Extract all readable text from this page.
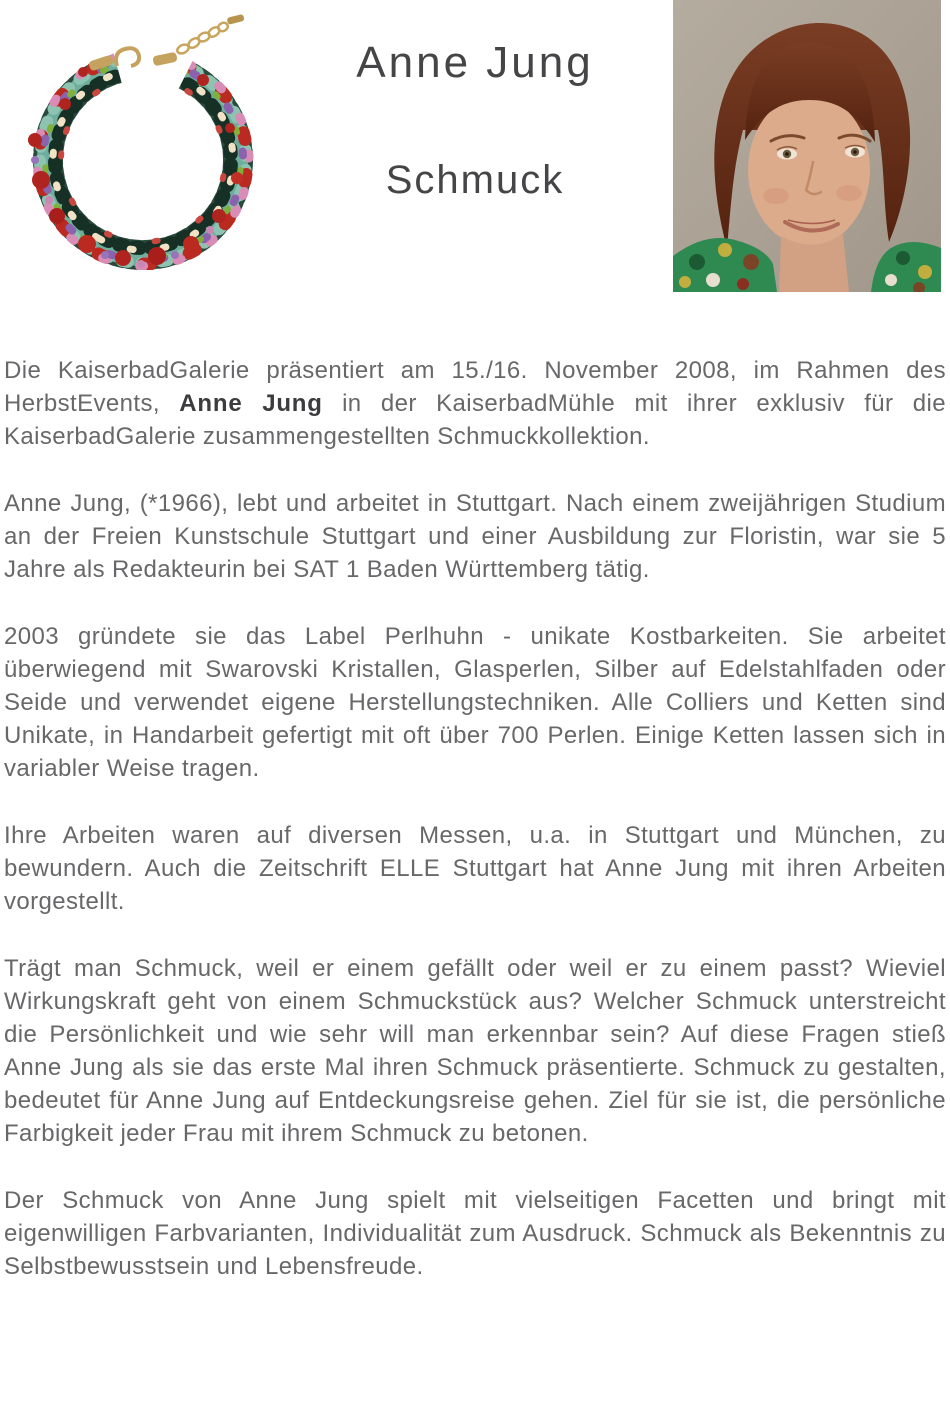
Anne Jung
Schmuck

Die KaiserbadGalerie präsentiert am 15./16. November 2008, im Rahmen des HerbstEvents, Anne Jung in der KaiserbadMühle mit ihrer exklusiv für die KaiserbadGalerie zusammengestellten Schmuckkollektion.

Anne Jung, (*1966), lebt und arbeitet in Stuttgart. Nach einem zweijährigen Studium an der Freien Kunstschule Stuttgart und einer Ausbildung zur Floristin, war sie 5 Jahre als Redakteurin bei SAT 1 Baden Württemberg tätig.

2003 gründete sie das Label Perlhuhn - unikate Kostbarkeiten. Sie arbeitet überwiegend mit Swarovski Kristallen, Glasperlen, Silber auf Edelstahlfaden oder Seide und verwendet eigene Herstellungstechniken. Alle Colliers und Ketten sind Unikate, in Handarbeit gefertigt mit oft über 700 Perlen. Einige Ketten lassen sich in variabler Weise tragen.

Ihre Arbeiten waren auf diversen Messen, u.a. in Stuttgart und München, zu bewundern. Auch die Zeitschrift ELLE Stuttgart hat Anne Jung mit ihren Arbeiten vorgestellt.

Trägt man Schmuck, weil er einem gefällt oder weil er zu einem passt? Wieviel Wirkungskraft geht von einem Schmuckstück aus? Welcher Schmuck unterstreicht die Persönlichkeit und wie sehr will man erkennbar sein? Auf diese Fragen stieß Anne Jung als sie das erste Mal ihren Schmuck präsentierte. Schmuck zu gestalten, bedeutet für Anne Jung auf Entdeckungsreise gehen. Ziel für sie ist, die persönliche Farbigkeit jeder Frau mit ihrem Schmuck zu betonen.

Der Schmuck von Anne Jung spielt mit vielseitigen Facetten und bringt mit eigenwilligen Farbvarianten, Individualität zum Ausdruck. Schmuck als Bekenntnis zu Selbstbewusstsein und Lebensfreude.
